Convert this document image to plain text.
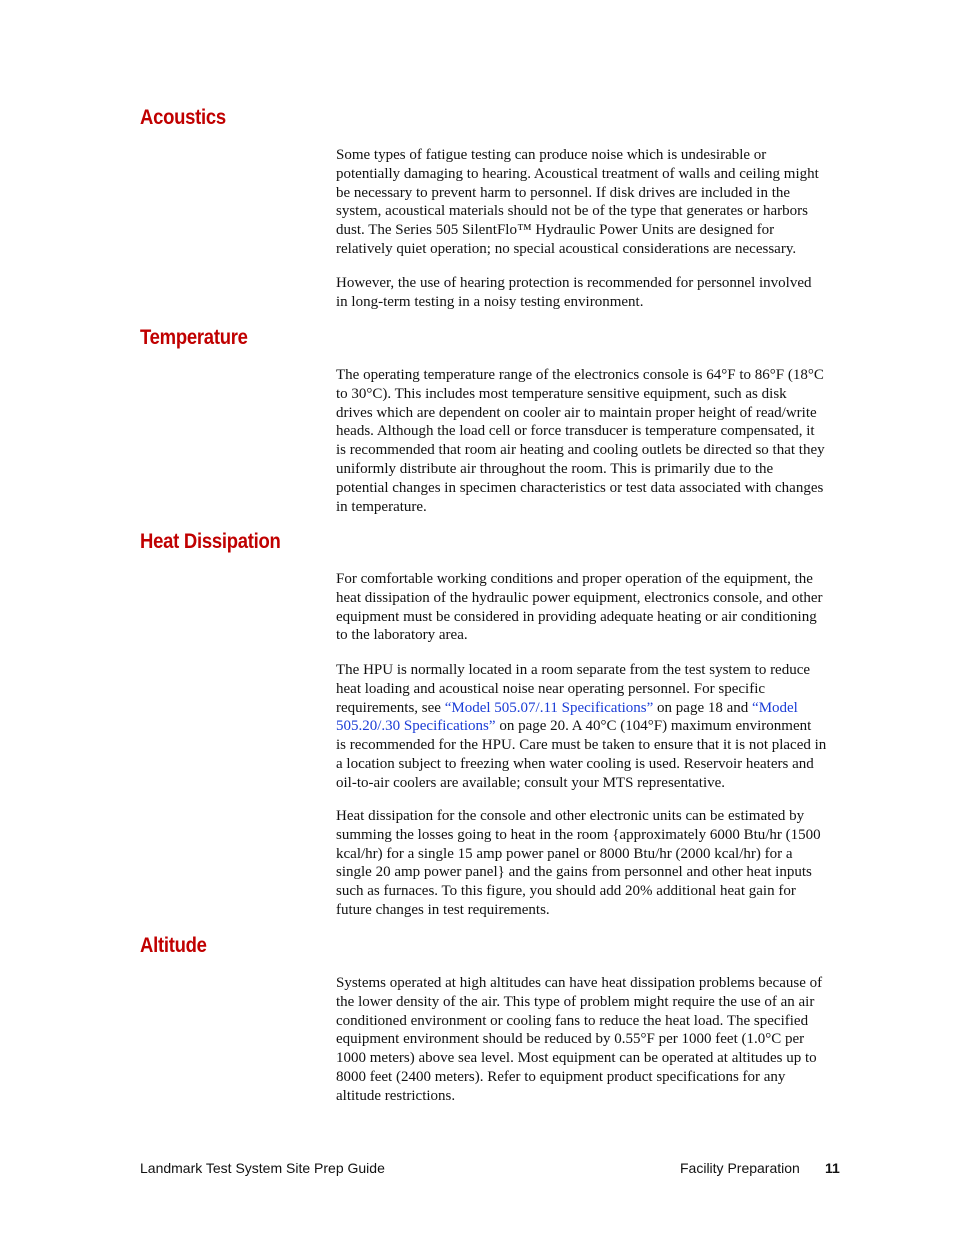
Acoustics
Some types of fatigue testing can produce noise which is undesirable or
potentially damaging to hearing. Acoustical treatment of walls and ceiling might
be necessary to prevent harm to personnel. If disk drives are included in the
system, acoustical materials should not be of the type that generates or harbors
dust. The Series 505 SilentFlo™ Hydraulic Power Units are designed for
relatively quiet operation; no special acoustical considerations are necessary.
However, the use of hearing protection is recommended for personnel involved
in long-term testing in a noisy testing environment.
Temperature
The operating temperature range of the electronics console is 64°F to 86°F (18°C
to 30°C). This includes most temperature sensitive equipment, such as disk
drives which are dependent on cooler air to maintain proper height of read/write
heads. Although the load cell or force transducer is temperature compensated, it
is recommended that room air heating and cooling outlets be directed so that they
uniformly distribute air throughout the room. This is primarily due to the
potential changes in specimen characteristics or test data associated with changes
in temperature.
Heat Dissipation
For comfortable working conditions and proper operation of the equipment, the
heat dissipation of the hydraulic power equipment, electronics console, and other
equipment must be considered in providing adequate heating or air conditioning
to the laboratory area.
The HPU is normally located in a room separate from the test system to reduce
heat loading and acoustical noise near operating personnel. For specific
requirements, see “Model 505.07/.11 Specifications” on page 18 and “Model
505.20/.30 Specifications” on page 20. A 40°C (104°F) maximum environment
is recommended for the HPU. Care must be taken to ensure that it is not placed in
a location subject to freezing when water cooling is used. Reservoir heaters and
oil-to-air coolers are available; consult your MTS representative.
Heat dissipation for the console and other electronic units can be estimated by
summing the losses going to heat in the room {approximately 6000 Btu/hr (1500
kcal/hr) for a single 15 amp power panel or 8000 Btu/hr (2000 kcal/hr) for a
single 20 amp power panel} and the gains from personnel and other heat inputs
such as furnaces. To this figure, you should add 20% additional heat gain for
future changes in test requirements.
Altitude
Systems operated at high altitudes can have heat dissipation problems because of
the lower density of the air. This type of problem might require the use of an air
conditioned environment or cooling fans to reduce the heat load. The specified
equipment environment should be reduced by 0.55°F per 1000 feet (1.0°C per
1000 meters) above sea level. Most equipment can be operated at altitudes up to
8000 feet (2400 meters). Refer to equipment product specifications for any
altitude restrictions.

Landmark Test System Site Prep Guide	Facility Preparation 11
